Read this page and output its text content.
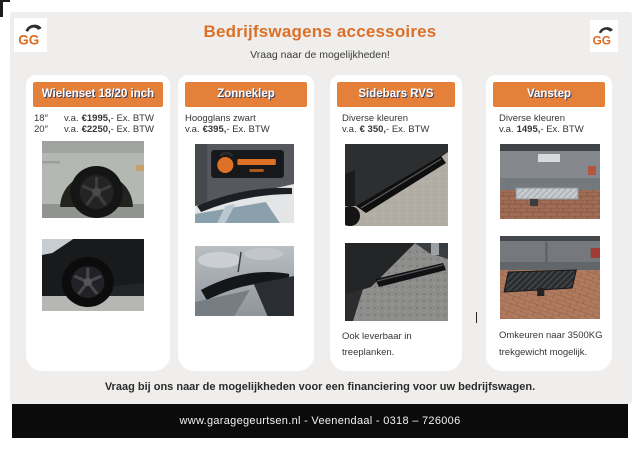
GG	GG
Bedrijfswagens accessoires
Vraag naar de mogelijkheden!
Wielenset 18/20 inch
18″	v.a. €1995,- Ex. BTW
20″	v.a. €2250,- Ex. BTW
Zonneklep
Hoogglans zwart
v.a. €395,- Ex. BTW
Sidebars RVS
Diverse kleuren
v.a. € 350,- Ex. BTW
Ook leverbaar in treeplanken.
Vanstep
Diverse kleuren
v.a. 1495,- Ex. BTW
Omkeuren naar 3500KG
trekgewicht mogelijk.
Vraag bij ons naar de mogelijkheden voor een financiering voor uw bedrijfswagen.
www.garagegeurtsen.nl - Veenendaal - 0318 – 726006
